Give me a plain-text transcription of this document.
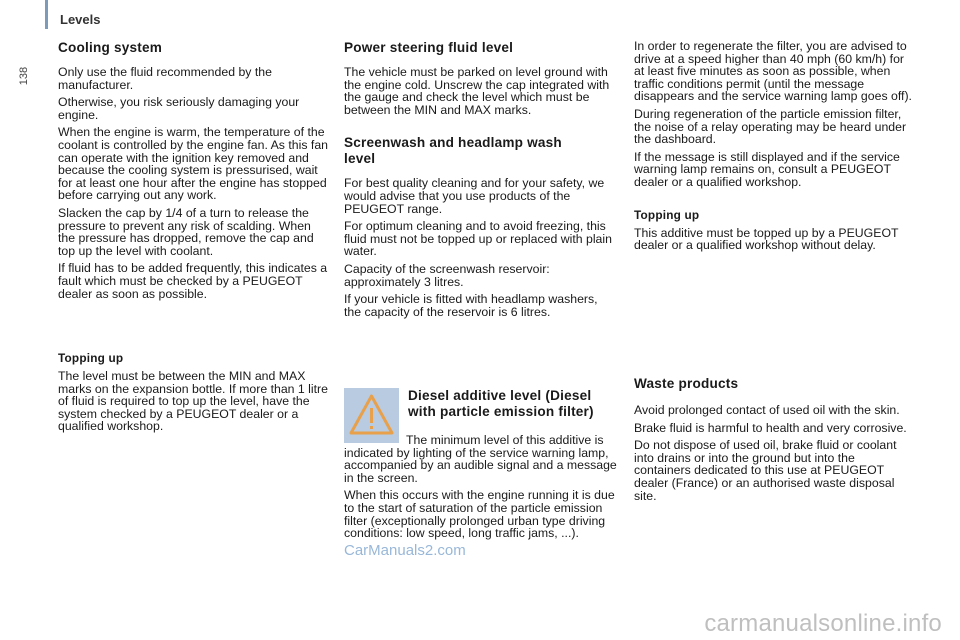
Levels
138
Cooling system

Only use the fluid recommended by the manufacturer.

Otherwise, you risk seriously damaging your engine.

When the engine is warm, the temperature of the coolant is controlled by the engine fan. As this fan can operate with the ignition key removed and because the cooling system is pressurised, wait for at least one hour after the engine has stopped before carrying out any work.

Slacken the cap by 1/4 of a turn to release the pressure to prevent any risk of scalding. When the pressure has dropped, remove the cap and top up the level with coolant.

If fluid has to be added frequently, this indicates a fault which must be checked by a PEUGEOT dealer as soon as possible.

Topping up

The level must be between the MIN and MAX marks on the expansion bottle. If more than 1 litre of fluid is required to top up the level, have the system checked by a PEUGEOT dealer or a qualified workshop.

Power steering fluid level

The vehicle must be parked on level ground with the engine cold. Unscrew the cap integrated with the gauge and check the level which must be between the MIN and MAX marks.

Screenwash and headlamp wash level

For best quality cleaning and for your safety, we would advise that you use products of the PEUGEOT range.

For optimum cleaning and to avoid freezing, this fluid must not be topped up or replaced with plain water.

Capacity of the screenwash reservoir: approximately 3 litres.

If your vehicle is fitted with headlamp washers, the capacity of the reservoir is 6 litres.

Diesel additive level (Diesel with particle emission filter)

The minimum level of this additive is indicated by lighting of the service warning lamp, accompanied by an audible signal and a message in the screen.

When this occurs with the engine running it is due to the start of saturation of the particle emission filter (exceptionally prolonged urban type driving conditions: low speed, long traffic jams, ...).

In order to regenerate the filter, you are advised to drive at a speed higher than 40 mph (60 km/h) for at least five minutes as soon as possible, when traffic conditions permit (until the message disappears and the service warning lamp goes off).

During regeneration of the particle emission filter, the noise of a relay operating may be heard under the dashboard.

If the message is still displayed and if the service warning lamp remains on, consult a PEUGEOT dealer or a qualified workshop.

Topping up

This additive must be topped up by a PEUGEOT dealer or a qualified workshop without delay.

Waste products

Avoid prolonged contact of used oil with the skin.

Brake fluid is harmful to health and very corrosive.

Do not dispose of used oil, brake fluid or coolant into drains or into the ground but into the containers dedicated to this use at PEUGEOT dealer (France) or an authorised waste disposal site.

CarManuals2.com
carmanualsonline.info
